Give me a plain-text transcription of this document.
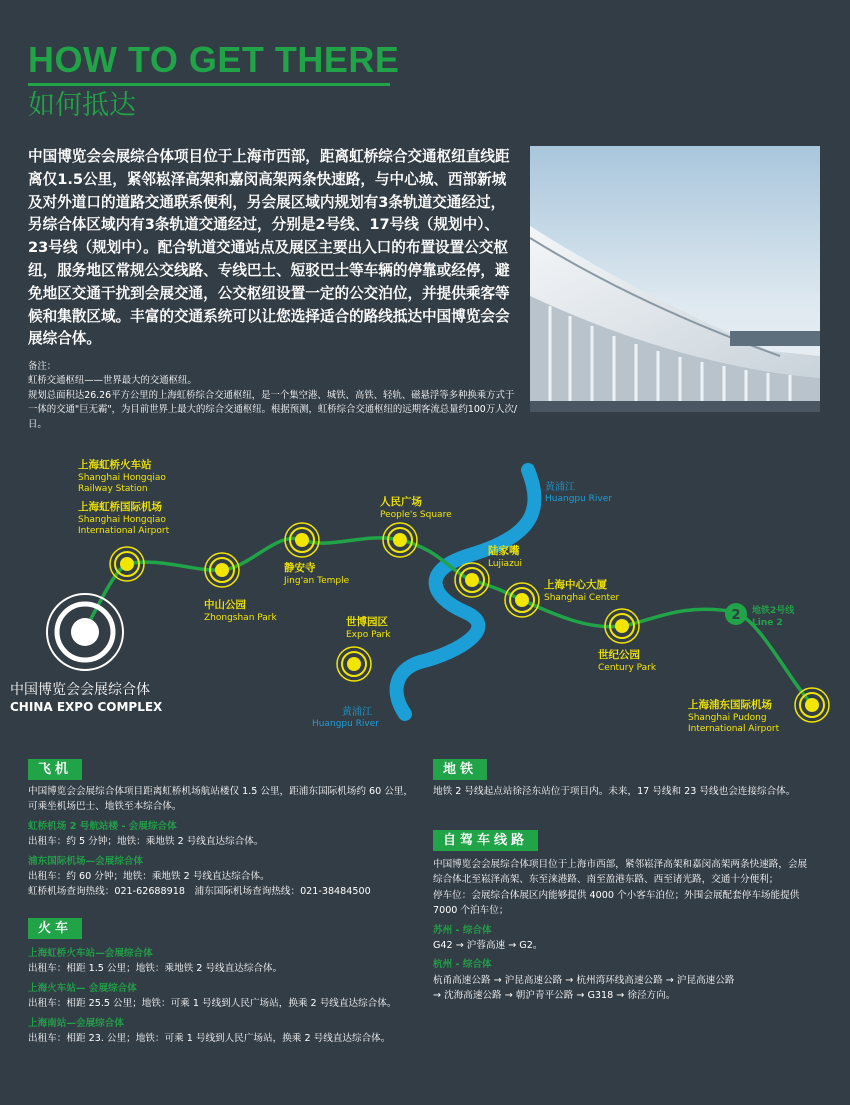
HOW TO GET THERE
如何抵达
中国博览会会展综合体项目位于上海市西部，距离虹桥综合交通枢纽直线距离仅1.5公里，紧邻崧泽高架和嘉闵高架两条快速路，与中心城、西部新城及对外道口的道路交通联系便利，另会展区域内规划有3条轨道交通经过，另综合体区域内有3条轨道交通经过，分别是2号线、17号线（规划中）、23号线（规划中）。配合轨道交通站点及展区主要出入口的布置设置公交枢纽，服务地区常规公交线路、专线巴士、短驳巴士等车辆的停靠或经停，避免地区交通干扰到会展交通，公交枢纽设置一定的公交泊位，并提供乘客等候和集散区域。丰富的交通系统可以让您选择适合的路线抵达中国博览会会展综合体。
备注：
虹桥交通枢纽——世界最大的交通枢纽。
规划总面积达26.26平方公里的上海虹桥综合交通枢纽，是一个集空港、城铁、高铁、轻轨、磁悬浮等多种换乘方式于一体的交通"巨无霸"，为目前世界上最大的综合交通枢纽。根据预测，虹桥综合交通枢纽的远期客流总量约100万人次/日。
2 地铁2号线
Line 2
黄浦江
Huangpu River
黄浦江
Huangpu River
上海虹桥火车站
Shanghai Hongqiao
Railway Station
上海虹桥国际机场
Shanghai Hongqiao
International Airport
中山公园
Zhongshan Park
静安寺
Jing'an Temple
人民广场
People's Square
陆家嘴
Lujiazui
上海中心大厦
Shanghai Center
世纪公园
Century Park
世博园区
Expo Park
上海浦东国际机场
Shanghai Pudong
International Airport
中国博览会会展综合体
CHINA EXPO COMPLEX
飞机
中国博览会会展综合体项目距离虹桥机场航站楼仅 1.5 公里，距浦东国际机场约 60 公里，可乘坐机场巴士、地铁至本综合体。
虹桥机场 2 号航站楼 - 会展综合体
出租车：约 5 分钟；地铁：乘地铁 2 号线直达综合体。
浦东国际机场—会展综合体
出租车：约 60 分钟；地铁：乘地铁 2 号线直达综合体。
虹桥机场查询热线：021-62688918　浦东国际机场查询热线：021-38484500
火车
上海虹桥火车站—会展综合体
出租车：相距 1.5 公里；地铁：乘地铁 2 号线直达综合体。
上海火车站— 会展综合体
出租车：相距 25.5 公里；地铁：可乘 1 号线到人民广场站，换乘 2 号线直达综合体。
上海南站—会展综合体
出租车：相距 23. 公里；地铁：可乘 1 号线到人民广场站，换乘 2 号线直达综合体。
地铁
地铁 2 号线起点站徐泾东站位于项目内。未来，17 号线和 23 号线也会连接综合体。
自驾车线路
中国博览会会展综合体项目位于上海市西部，紧邻崧泽高架和嘉闵高架两条快速路，会展综合体北至崧泽高架、东至涞港路、南至盈港东路、西至诸光路，交通十分便利；
停车位：会展综合体展区内能够提供 4000 个小客车泊位；外围会展配套停车场能提供 7000 个泊车位；
苏州 - 综合体
G42 → 沪蓉高速 → G2。
杭州 - 综合体
杭甬高速公路 → 沪昆高速公路 → 杭州湾环线高速公路 → 沪昆高速公路
→ 沈海高速公路 → 朝沪青平公路 → G318 → 徐泾方向。
